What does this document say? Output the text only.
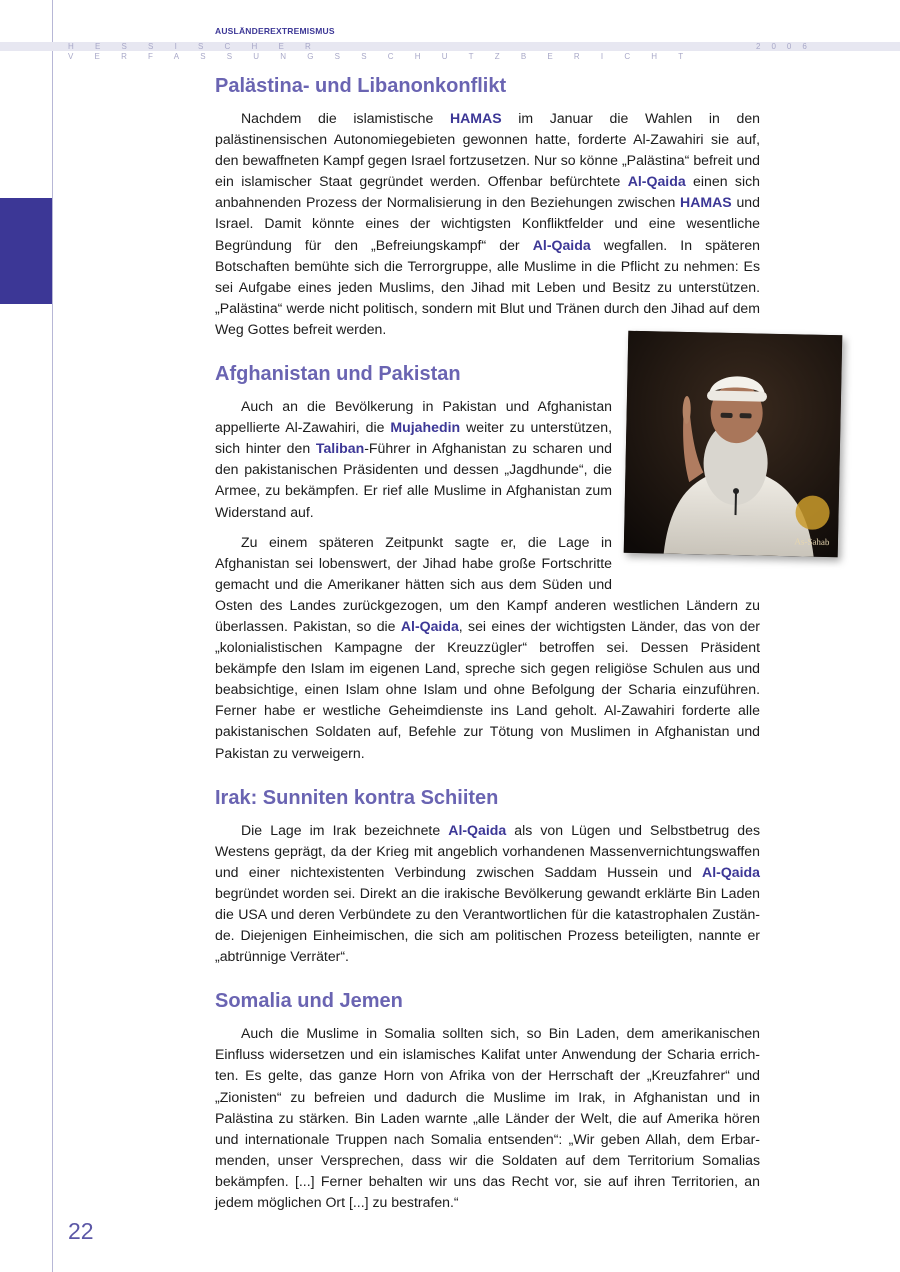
AUSLÄNDEREXTREMISMUS
HESSISCHER VERFASSUNGSSCHUTZBERICHT
2006
As-Sahab
Palästina- und Libanonkonflikt

Nachdem die islamistische HAMAS im Januar die Wahlen in den palästinensischen Autonomiegebieten gewonnen hatte, forderte Al-Zawahiri sie auf, den bewaffneten Kampf gegen Israel fortzusetzen. Nur so könne „Palästina“ befreit und ein islamischer Staat gegründet werden. Offenbar befürchtete Al-Qaida einen sich anbahnenden Prozess der Normalisierung in den Beziehungen zwischen HAMAS und Israel. Damit könnte eines der wichtigsten Konfliktfelder und eine wesentliche Begründung für den „Befreiungskampf“ der Al-Qaida wegfallen. In späteren Botschaften bemühte sich die Terrorgruppe, alle Muslime in die Pflicht zu nehmen: Es sei Aufgabe eines jeden Muslims, den Jihad mit Leben und Besitz zu unterstützen. „Palästina“ werde nicht politisch, sondern mit Blut und Tränen durch den Jihad auf dem Weg Gottes befreit werden.

Afghanistan und Pakistan

Auch an die Bevölkerung in Pakistan und Afghanistan appellierte Al-Zawahiri, die Mujahedin weiter zu unterstützen, sich hinter den Taliban-Führer in Afghanistan zu scharen und den pakistanischen Präsidenten und dessen „Jagdhunde“, die Armee, zu bekämpfen. Er rief alle Muslime in Afghanistan zum Widerstand auf.

Zu einem späteren Zeitpunkt sagte er, die Lage in Afghanistan sei lobenswert, der Jihad habe große Fortschritte gemacht und die Amerikaner hätten sich aus dem Süden und Osten des Landes zurückgezogen, um den Kampf anderen westlichen Ländern zu überlassen. Pakistan, so die Al-Qaida, sei eines der wichtigsten Länder, das von der „kolonialistischen Kampagne der Kreuzzügler“ betroffen sei. Dessen Präsident bekämpfe den Islam im eigenen Land, spreche sich gegen religiöse Schulen aus und beabsichtige, einen Islam ohne Islam und ohne Befolgung der Scharia einzuführen. Ferner habe er westliche Geheimdienste ins Land geholt. Al-Zawahiri forderte alle pakistanischen Soldaten auf, Befehle zur Tötung von Muslimen in Afghanistan und Pakistan zu verweigern.

Irak: Sunniten kontra Schiiten

Die Lage im Irak bezeichnete Al-Qaida als von Lügen und Selbstbetrug des Westens geprägt, da der Krieg mit angeblich vorhandenen Massenvernichtungswaffen und einer nichtexistenten Verbindung zwischen Saddam Hussein und Al-Qaida begründet worden sei. Direkt an die irakische Bevölkerung gewandt erklärte Bin Laden die USA und deren Verbündete zu den Verantwortlichen für die katastrophalen Zustände. Diejenigen Einheimischen, die sich am politischen Prozess beteiligten, nannte er „abtrünnige Verräter“.

Somalia und Jemen

Auch die Muslime in Somalia sollten sich, so Bin Laden, dem amerikanischen Einfluss widersetzen und ein islamisches Kalifat unter Anwendung der Scharia errichten. Es gelte, das ganze Horn von Afrika von der Herrschaft der „Kreuzfahrer“ und „Zionisten“ zu befreien und dadurch die Muslime im Irak, in Afghanistan und in Palästina zu stärken. Bin Laden warnte „alle Länder der Welt, die auf Amerika hören und internationale Truppen nach Somalia entsenden“: „Wir geben Allah, dem Erbarmenden, unser Versprechen, dass wir die Soldaten auf dem Territorium Somalias bekämpfen. [...] Ferner behalten wir uns das Recht vor, sie auf ihren Territorien, an jedem möglichen Ort [...] zu bestrafen.“

22
